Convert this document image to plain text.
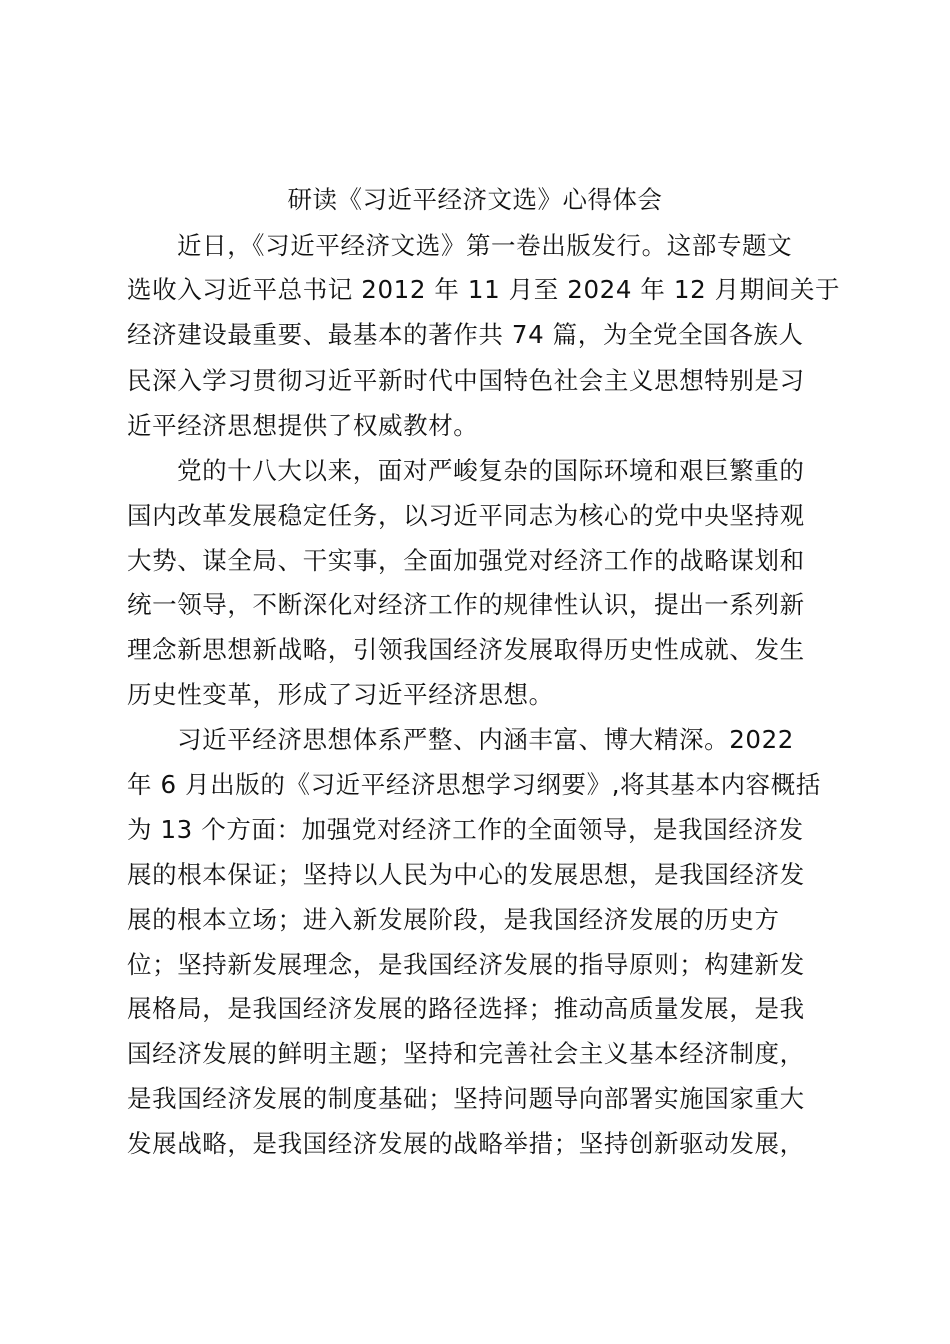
研读《习近平经济文选》心得体会
近日，《习近平经济文选》第一卷出版发行。这部专题文
选收入习近平总书记 2012 年 11 月至 2024 年 12 月期间关于
经济建设最重要、最基本的著作共 74 篇，为全党全国各族人
民深入学习贯彻习近平新时代中国特色社会主义思想特别是习
近平经济思想提供了权威教材。
党的十八大以来，面对严峻复杂的国际环境和艰巨繁重的
国内改革发展稳定任务，以习近平同志为核心的党中央坚持观
大势、谋全局、干实事，全面加强党对经济工作的战略谋划和
统一领导，不断深化对经济工作的规律性认识，提出一系列新
理念新思想新战略，引领我国经济发展取得历史性成就、发生
历史性变革，形成了习近平经济思想。
习近平经济思想体系严整、内涵丰富、博大精深。2022
年 6 月出版的《习近平经济思想学习纲要》,将其基本内容概括
为 13 个方面：加强党对经济工作的全面领导，是我国经济发
展的根本保证；坚持以人民为中心的发展思想，是我国经济发
展的根本立场；进入新发展阶段，是我国经济发展的历史方
位；坚持新发展理念，是我国经济发展的指导原则；构建新发
展格局，是我国经济发展的路径选择；推动高质量发展，是我
国经济发展的鲜明主题；坚持和完善社会主义基本经济制度，
是我国经济发展的制度基础；坚持问题导向部署实施国家重大
发展战略，是我国经济发展的战略举措；坚持创新驱动发展，
